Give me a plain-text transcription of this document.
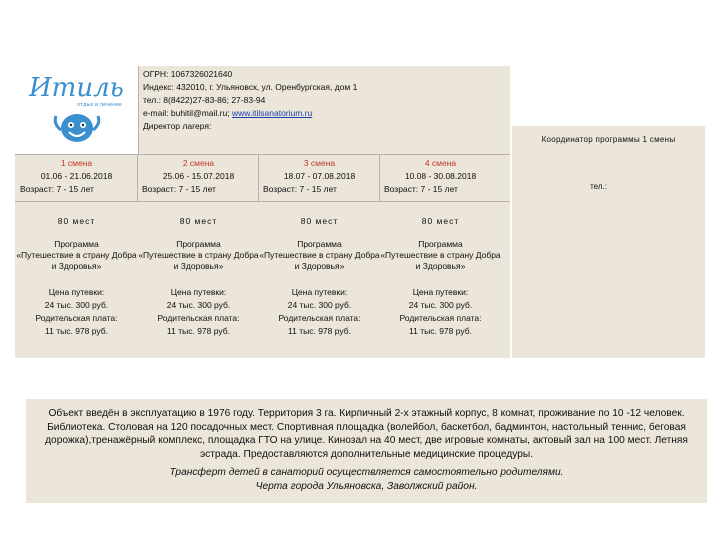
Итиль
отдых и лечение
ОГРН: 1067326021640
Индекс: 432010, г. Ульяновск, ул. Оренбургская, дом 1
тел.: 8(8422)27-83-86; 27-83-94
e-mail: buhitil@mail.ru; www.itilsanatorium.ru
Директор лагеря:
1 смена
01.06 - 21.06.2018
Возраст: 7 - 15 лет
80 мест
Программа
«Путешествие в страну Добра и Здоровья»
Цена путевки:
24 тыс. 300 руб.
Родительская плата:
11 тыс. 978 руб.
2 смена
25.06 - 15.07.2018
Возраст: 7 - 15 лет
80 мест
Программа
«Путешествие в страну Добра и Здоровья»
Цена путевки:
24 тыс. 300 руб.
Родительская плата:
11 тыс. 978 руб.
3 смена
18.07 - 07.08.2018
Возраст: 7 - 15 лет
80 мест
Программа
«Путешествие в страну Добра и Здоровья»
Цена путевки:
24 тыс. 300 руб.
Родительская плата:
11 тыс. 978 руб.
4 смена
10.08 - 30.08.2018
Возраст: 7 - 15 лет
80 мест
Программа
«Путешествие в страну Добра и Здоровья»
Цена путевки:
24 тыс. 300 руб.
Родительская плата:
11 тыс. 978 руб.
Координатор программы 1 смены
тел.:
Объект введён в эксплуатацию в 1976 году. Территория 3 га. Кирпичный 2-х этажный корпус, 8 комнат, проживание по 10 -12 человек. Библиотека. Столовая на 120 посадочных мест. Спортивная площадка (волейбол, баскетбол, бадминтон, настольный теннис, беговая дорожка),тренажёрный комплекс, площадка ГТО на улице. Кинозал на 40 мест, две игровые комнаты, актовый зал на 100 мест. Летняя эстрада. Предоставляются дополнительные медицинские процедуры.
Трансферт детей в санаторий осуществляется самостоятельно родителями.
Черта города Ульяновска, Заволжский район.
